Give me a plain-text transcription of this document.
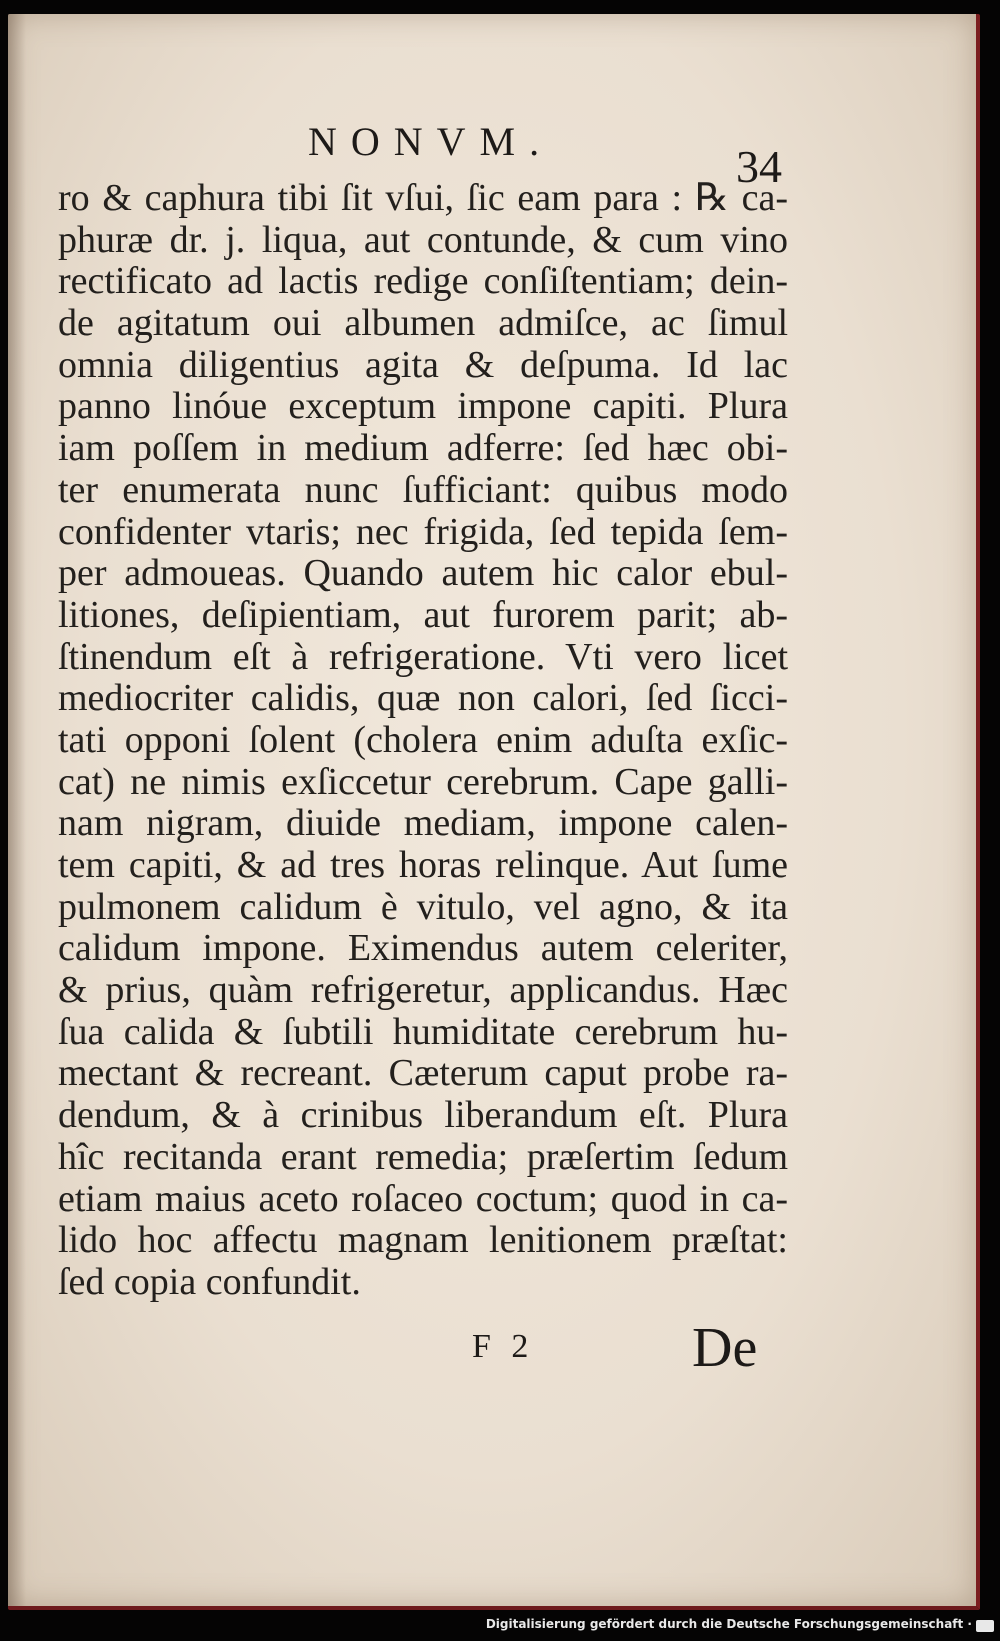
NONVM.	34
ro & caphura tibi ſit vſui, ſic eam para : ℞ ca-
phuræ dr. j. liqua, aut contunde, & cum vino
rectificato ad lactis redige conſiſtentiam; dein-
de agitatum oui albumen admiſce, ac ſimul
omnia diligentius agita & deſpuma. Id lac
panno linóue exceptum impone capiti. Plura
iam poſſem in medium adferre: ſed hæc obi-
ter enumerata nunc ſufficiant: quibus modo
confidenter vtaris; nec frigida, ſed tepida ſem-
per admoueas. Quando autem hic calor ebul-
litiones, deſipientiam, aut furorem parit; ab-
ſtinendum eſt à refrigeratione. Vti vero licet
mediocriter calidis, quæ non calori, ſed ſicci-
tati opponi ſolent (cholera enim aduſta exſic-
cat) ne nimis exſiccetur cerebrum. Cape galli-
nam nigram, diuide mediam, impone calen-
tem capiti, & ad tres horas relinque. Aut ſume
pulmonem calidum è vitulo, vel agno, & ita
calidum impone. Eximendus autem celeriter,
& prius, quàm refrigeretur, applicandus. Hæc
ſua calida & ſubtili humiditate cerebrum hu-
mectant & recreant. Cæterum caput probe ra-
dendum, & à crinibus liberandum eſt. Plura
hîc recitanda erant remedia; præſertim ſedum
etiam maius aceto roſaceo coctum; quod in ca-
lido hoc affectu magnam lenitionem præſtat:
ſed copia confundit.
F 2	De
Digitalisierung gefördert durch die Deutsche Forschungsgemeinschaft ·
